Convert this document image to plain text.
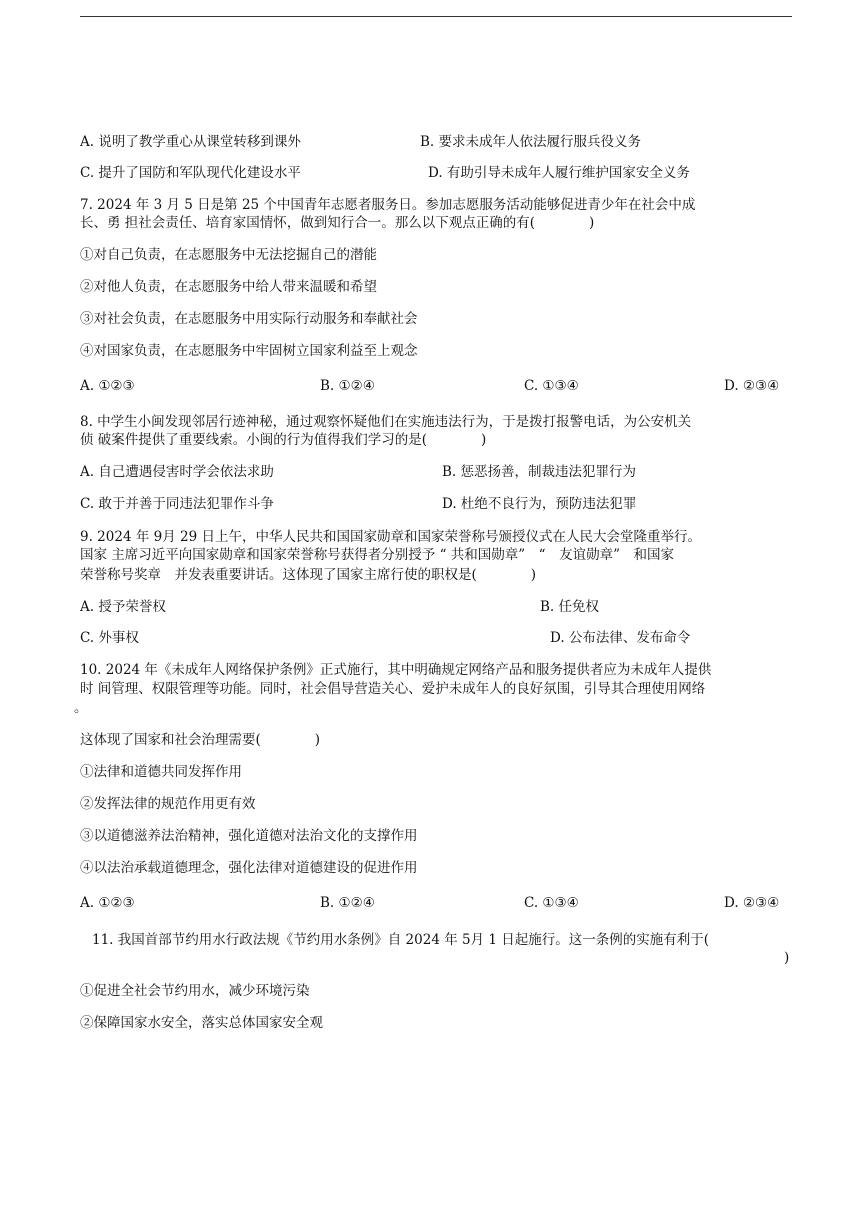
A. 说明了教学重心从课堂转移到课外	B. 要求未成年人依法履行服兵役义务
C. 提升了国防和军队现代化建设水平	D. 有助引导未成年人履行维护国家安全义务
7. 2024 年 3 月 5 日是第 25 个中国青年志愿者服务日。参加志愿服务活动能够促进青少年在社会中成
长、勇 担社会责任、培育家国情怀，做到知行合一。那么以下观点正确的有(　　　　)
①对自己负责，在志愿服务中无法挖掘自己的潜能
②对他人负责，在志愿服务中给人带来温暖和希望
③对社会负责，在志愿服务中用实际行动服务和奉献社会
④对国家负责，在志愿服务中牢固树立国家利益至上观念
A. ①②③	B. ①②④	C. ①③④	D. ②③④
8. 中学生小闽发现邻居行迹神秘，通过观察怀疑他们在实施违法行为，于是拨打报警电话，为公安机关
侦 破案件提供了重要线索。小闽的行为值得我们学习的是(　　　　)
A. 自己遭遇侵害时学会依法求助	B. 惩恶扬善，制裁违法犯罪行为
C. 敢于并善于同违法犯罪作斗争	D. 杜绝不良行为，预防违法犯罪
9. 2024 年 9月 29 日上午，中华人民共和国国家勋章和国家荣誉称号颁授仪式在人民大会堂隆重举行。
国家 主席习近平向国家勋章和国家荣誉称号获得者分别授予 “ 共和国勋章”　“　友谊勋章”　和国家
荣誉称号奖章　并发表重要讲话。这体现了国家主席行使的职权是(　　　　)
A. 授予荣誉权	B. 任免权
C. 外事权	D. 公布法律、发布命令
10. 2024 年《未成年人网络保护条例》正式施行，其中明确规定网络产品和服务提供者应为未成年人提供
时 间管理、权限管理等功能。同时，社会倡导营造关心、爱护未成年人的良好氛围，引导其合理使用网络
。
这体现了国家和社会治理需要(　　　　)
①法律和道德共同发挥作用
②发挥法律的规范作用更有效
③以道德滋养法治精神，强化道德对法治文化的支撑作用
④以法治承载道德理念，强化法律对道德建设的促进作用
A. ①②③	B. ①②④	C. ①③④	D. ②③④
11. 我国首部节约用水行政法规《节约用水条例》自 2024 年 5月 1 日起施行。这一条例的实施有利于(
)
①促进全社会节约用水，减少环境污染
②保障国家水安全，落实总体国家安全观
